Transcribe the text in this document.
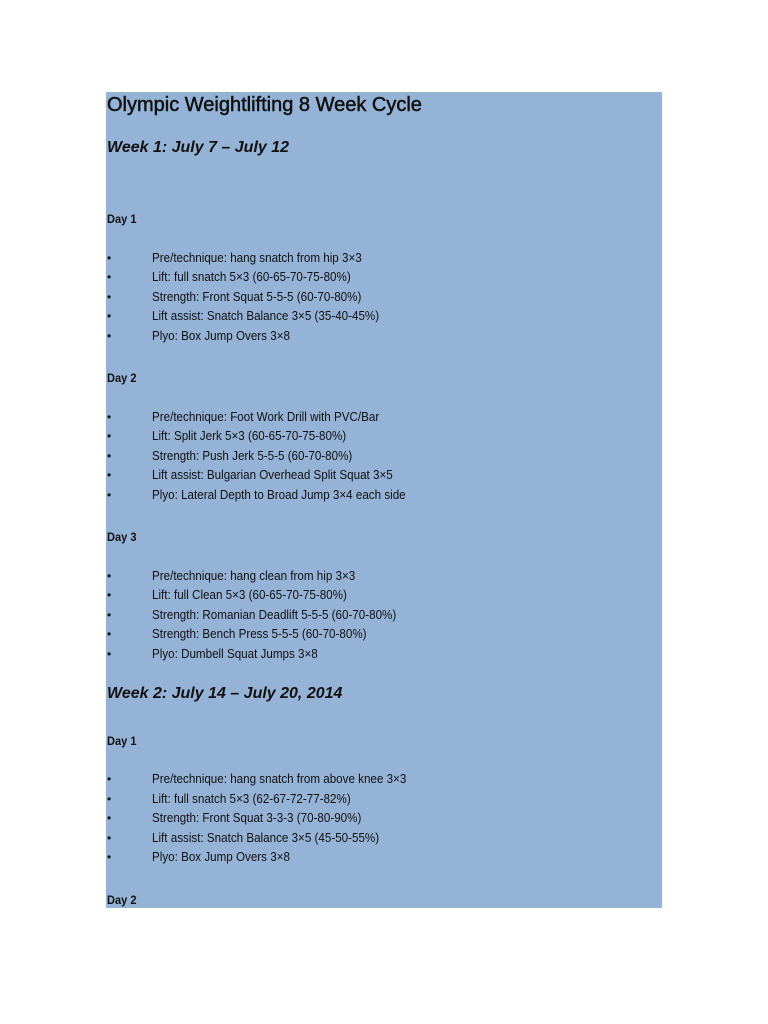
Olympic Weightlifting 8 Week Cycle
Week 1: July 7 – July 12
Day 1
•	Pre/technique: hang snatch from hip 3×3
•	Lift: full snatch 5×3 (60-65-70-75-80%)
•	Strength: Front Squat 5-5-5 (60-70-80%)
•	Lift assist: Snatch Balance 3×5 (35-40-45%)
•	Plyo: Box Jump Overs 3×8
Day 2
•	Pre/technique: Foot Work Drill with PVC/Bar
•	Lift: Split Jerk 5×3 (60-65-70-75-80%)
•	Strength: Push Jerk 5-5-5 (60-70-80%)
•	Lift assist: Bulgarian Overhead Split Squat 3×5
•	Plyo: Lateral Depth to Broad Jump 3×4 each side
Day 3
•	Pre/technique: hang clean from hip 3×3
•	Lift: full Clean 5×3 (60-65-70-75-80%)
•	Strength: Romanian Deadlift 5-5-5 (60-70-80%)
•	Strength: Bench Press 5-5-5 (60-70-80%)
•	Plyo: Dumbell Squat Jumps 3×8
Week 2: July 14 – July 20, 2014
Day 1
•	Pre/technique: hang snatch from above knee 3×3
•	Lift: full snatch 5×3 (62-67-72-77-82%)
•	Strength: Front Squat 3-3-3 (70-80-90%)
•	Lift assist: Snatch Balance 3×5 (45-50-55%)
•	Plyo: Box Jump Overs 3×8
Day 2
